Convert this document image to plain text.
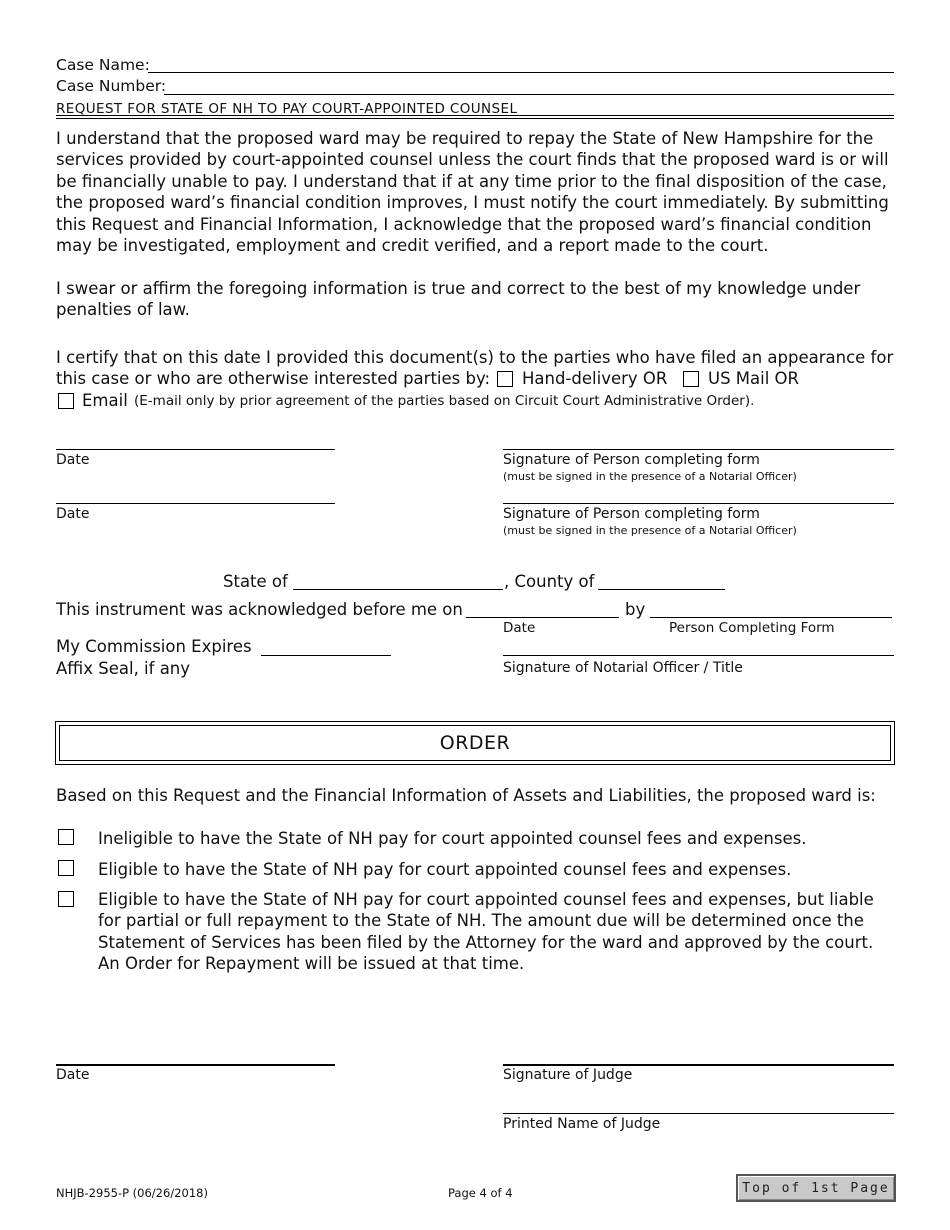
Case Name:
Case Number:
REQUEST FOR STATE OF NH TO PAY COURT-APPOINTED COUNSEL

I understand that the proposed ward may be required to repay the State of New Hampshire for the services provided by court-appointed counsel unless the court finds that the proposed ward is or will be financially unable to pay. I understand that if at any time prior to the final disposition of the case, the proposed ward’s financial condition improves, I must notify the court immediately. By submitting this Request and Financial Information, I acknowledge that the proposed ward’s financial condition may be investigated, employment and credit verified, and a report made to the court.

I swear or affirm the foregoing information is true and correct to the best of my knowledge under penalties of law.

I certify that on this date I provided this document(s) to the parties who have filed an appearance for
this case or who are otherwise interested parties by: Hand-delivery OR US Mail OR
Email (E-mail only by prior agreement of the parties based on Circuit Court Administrative Order).
Date	Signature of Person completing form
(must be signed in the presence of a Notarial Officer)
Date	Signature of Person completing form
(must be signed in the presence of a Notarial Officer)
State of	, County of
This instrument was acknowledged before me on	by
Date	Person Completing Form
My Commission Expires
Affix Seal, if any	Signature of Notarial Officer / Title
ORDER
Based on this Request and the Financial Information of Assets and Liabilities, the proposed ward is:
Ineligible to have the State of NH pay for court appointed counsel fees and expenses.
Eligible to have the State of NH pay for court appointed counsel fees and expenses.

Eligible to have the State of NH pay for court appointed counsel fees and expenses, but liable for partial or full repayment to the State of NH. The amount due will be determined once the Statement of Services has been filed by the Attorney for the ward and approved by the court. An Order for Repayment will be issued at that time.

Date	Signature of Judge
Printed Name of Judge
NHJB-2955-P (06/26/2018)	Page 4 of 4	Top of 1st Page
